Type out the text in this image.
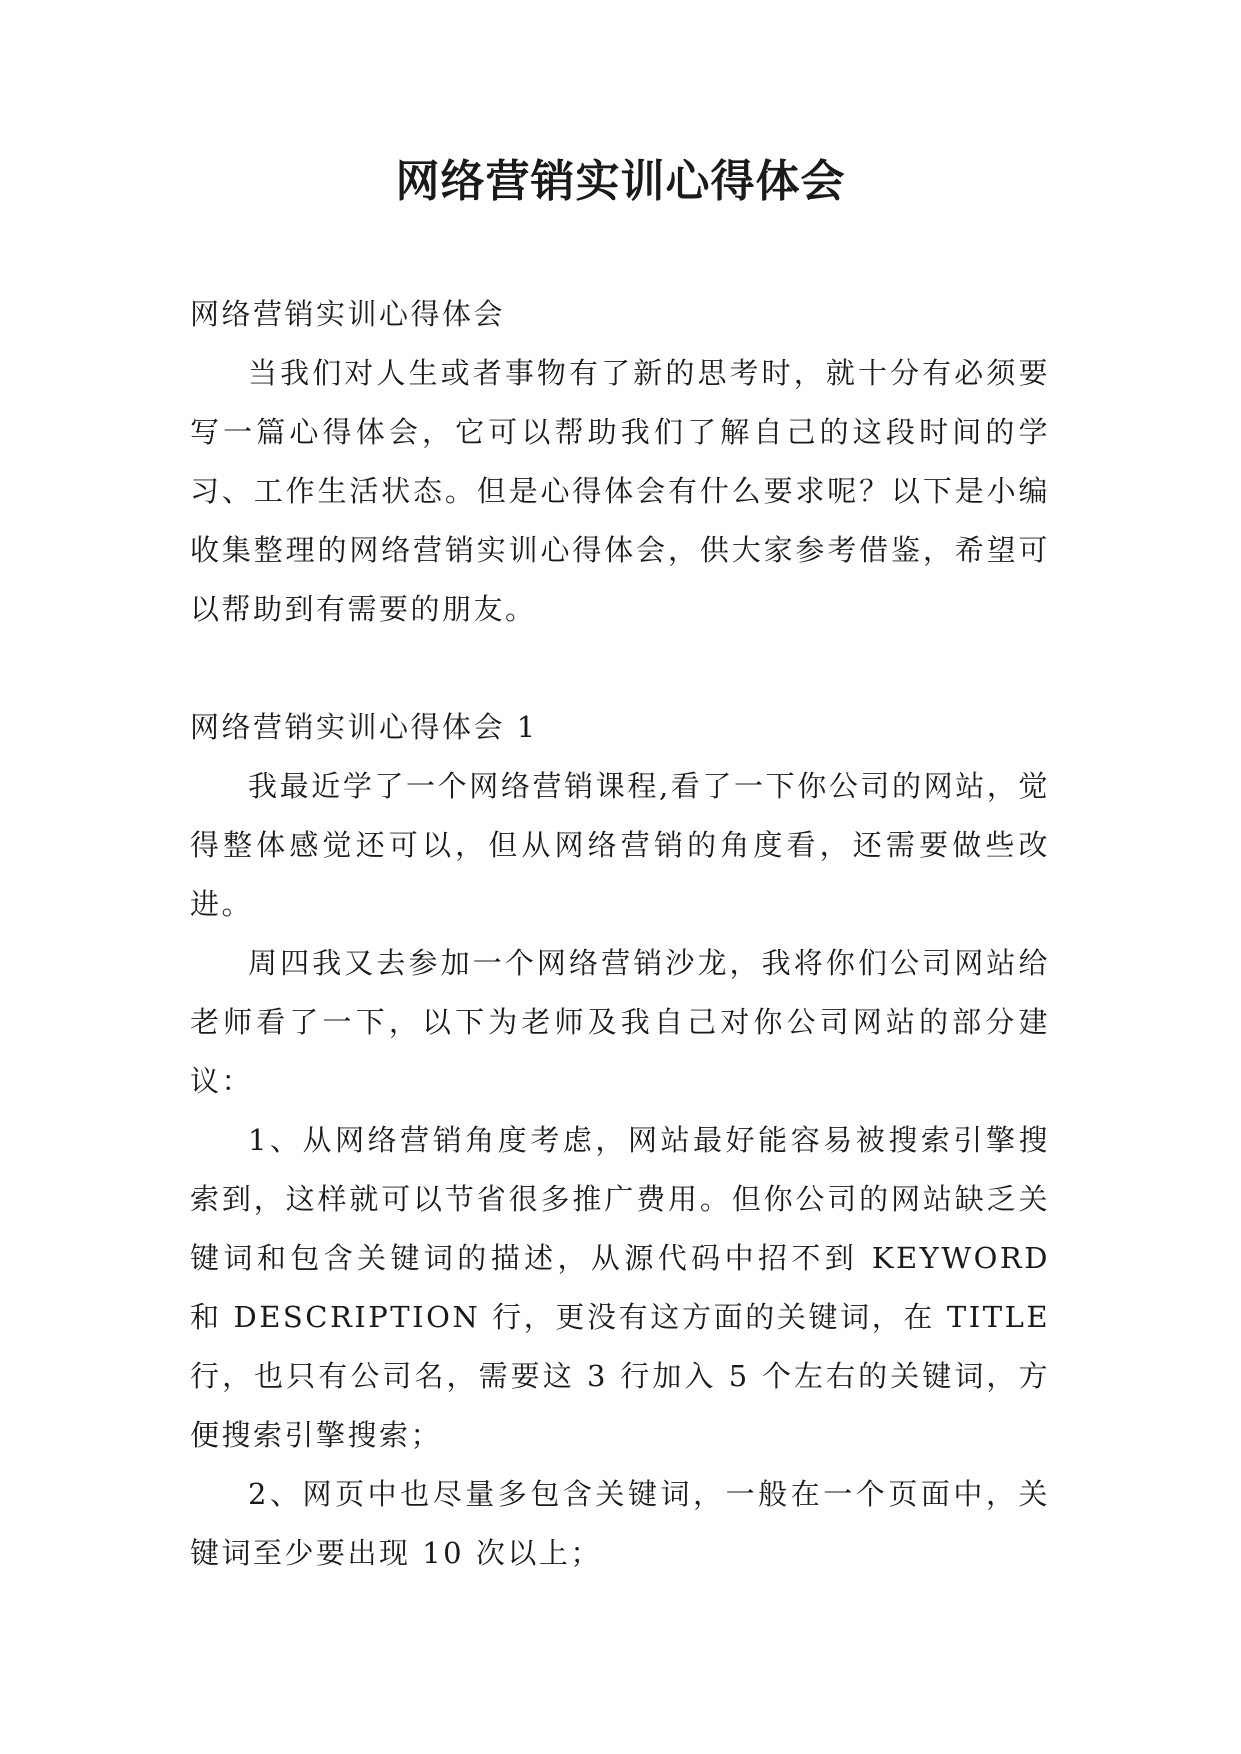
网络营销实训心得体会

网络营销实训心得体会

当我们对人生或者事物有了新的思考时，就十分有必须要写一篇心得体会，它可以帮助我们了解自己的这段时间的学习、工作生活状态。但是心得体会有什么要求呢？以下是小编收集整理的网络营销实训心得体会，供大家参考借鉴，希望可以帮助到有需要的朋友。

网络营销实训心得体会 1

我最近学了一个网络营销课程,看了一下你公司的网站，觉得整体感觉还可以，但从网络营销的角度看，还需要做些改进。

周四我又去参加一个网络营销沙龙，我将你们公司网站给老师看了一下，以下为老师及我自己对你公司网站的部分建议：

1、从网络营销角度考虑，网站最好能容易被搜索引擎搜索到，这样就可以节省很多推广费用。但你公司的网站缺乏关键词和包含关键词的描述，从源代码中招不到 KEYWORD 和 DESCRIPTION 行，更没有这方面的关键词，在 TITLE 行，也只有公司名，需要这 3 行加入 5 个左右的关键词，方便搜索引擎搜索；

2、网页中也尽量多包含关键词，一般在一个页面中，关键词至少要出现 10 次以上；
